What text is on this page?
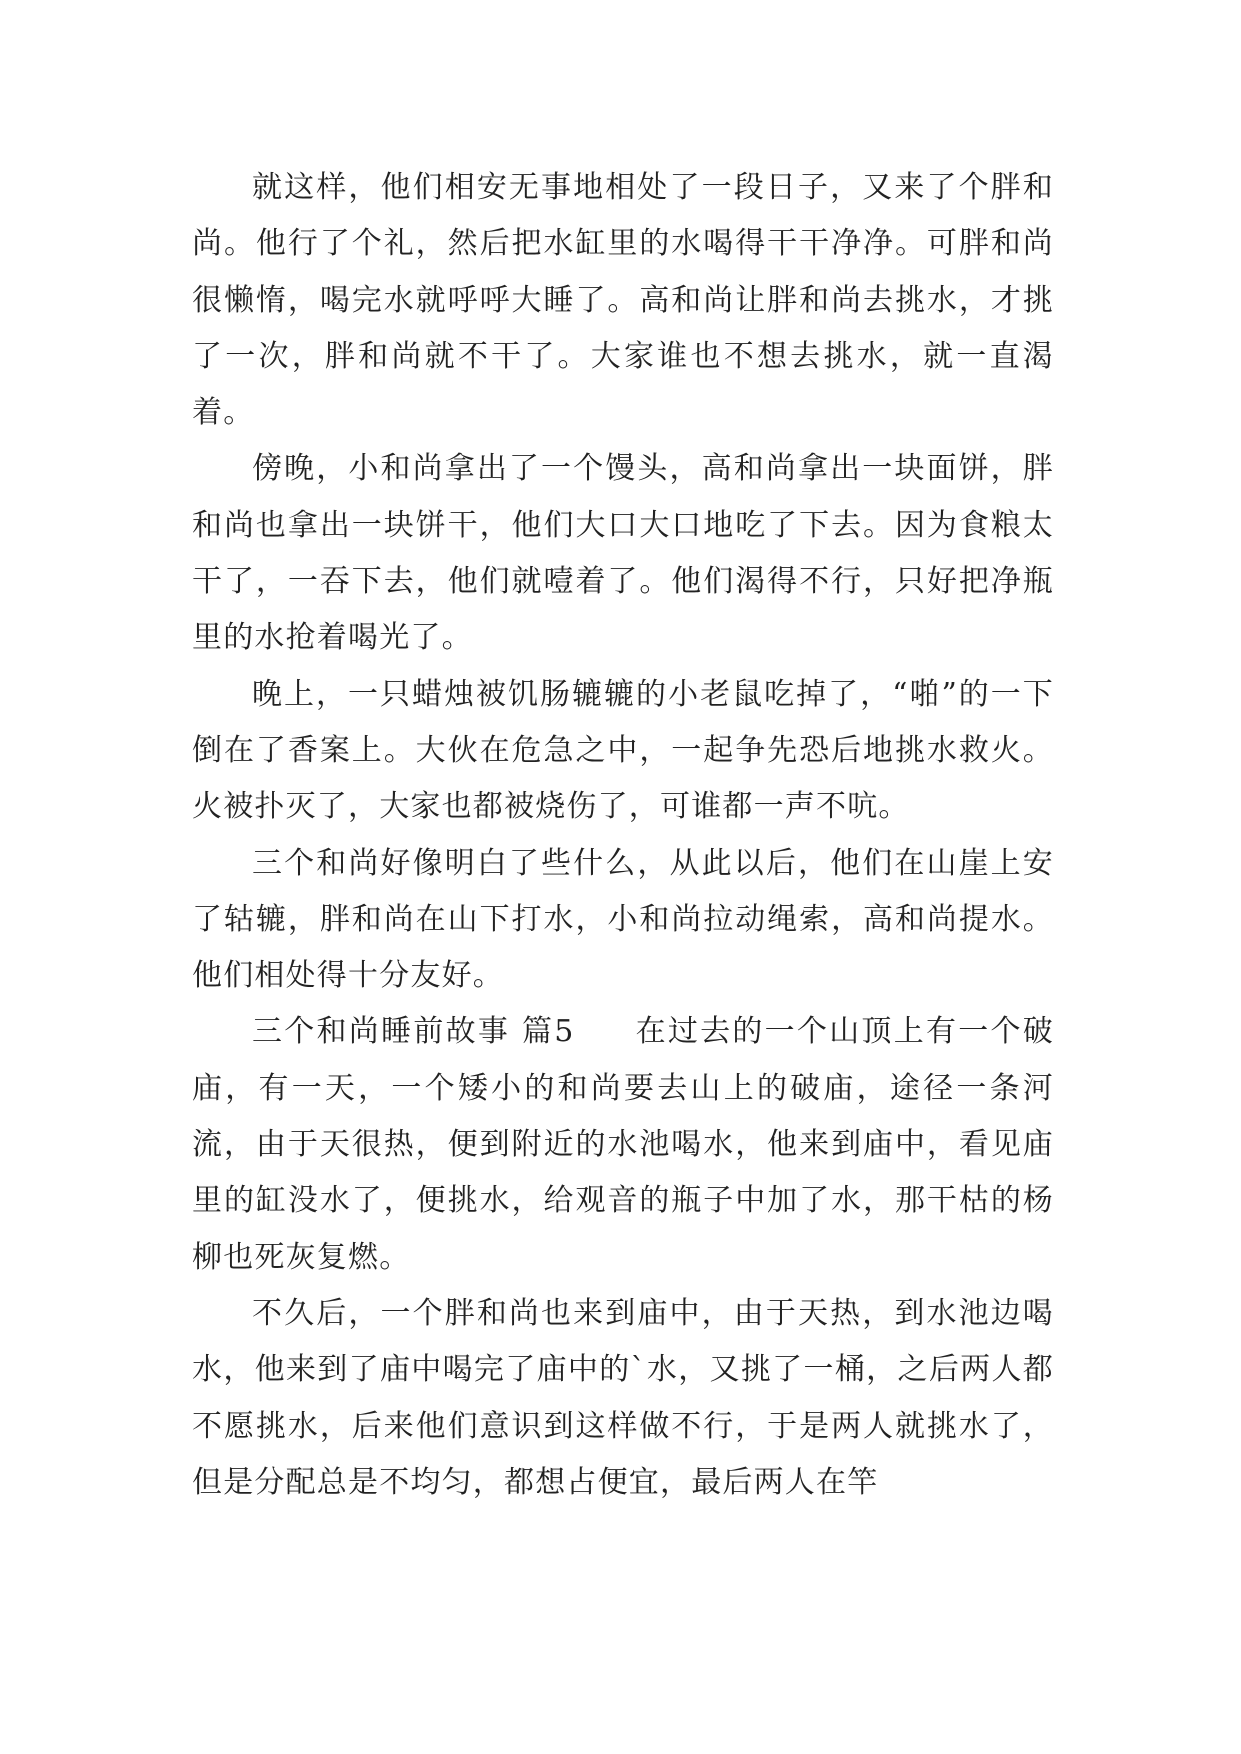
就这样，他们相安无事地相处了一段日子，又来了个胖和尚。他行了个礼，然后把水缸里的水喝得干干净净。可胖和尚很懒惰，喝完水就呼呼大睡了。高和尚让胖和尚去挑水，才挑了一次，胖和尚就不干了。大家谁也不想去挑水，就一直渴着。

傍晚，小和尚拿出了一个馒头，高和尚拿出一块面饼，胖和尚也拿出一块饼干，他们大口大口地吃了下去。因为食粮太干了，一吞下去，他们就噎着了。他们渴得不行，只好把净瓶里的水抢着喝光了。

晚上，一只蜡烛被饥肠辘辘的小老鼠吃掉了，“啪”的一下倒在了香案上。大伙在危急之中，一起争先恐后地挑水救火。火被扑灭了，大家也都被烧伤了，可谁都一声不吭。

三个和尚好像明白了些什么，从此以后，他们在山崖上安了轱辘，胖和尚在山下打水，小和尚拉动绳索，高和尚提水。他们相处得十分友好。

三个和尚睡前故事 篇5 在过去的一个山顶上有一个破庙，有一天，一个矮小的和尚要去山上的破庙，途径一条河流，由于天很热，便到附近的水池喝水，他来到庙中，看见庙里的缸没水了，便挑水，给观音的瓶子中加了水，那干枯的杨柳也死灰复燃。

不久后，一个胖和尚也来到庙中，由于天热，到水池边喝水，他来到了庙中喝完了庙中的`水，又挑了一桶，之后两人都不愿挑水，后来他们意识到这样做不行，于是两人就挑水了，但是分配总是不均匀，都想占便宜，最后两人在竿
